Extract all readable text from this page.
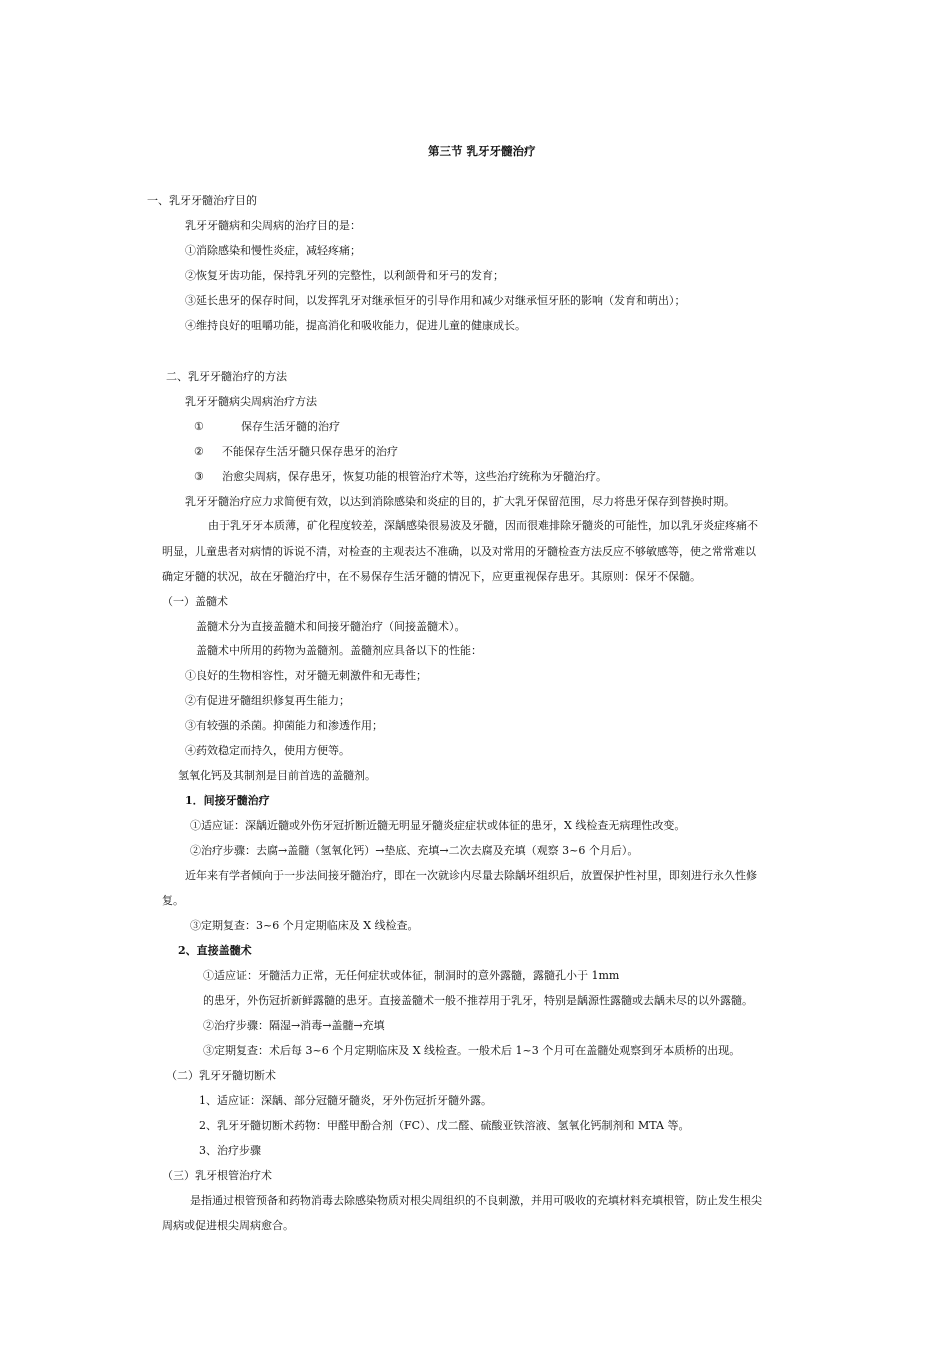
第三节 乳牙牙髓治疗
一、乳牙牙髓治疗目的
乳牙牙髓病和尖周病的治疗目的是：
①消除感染和慢性炎症，减轻疼痛；
②恢复牙齿功能，保持乳牙列的完整性，以利颌骨和牙弓的发育；
③延长患牙的保存时间，以发挥乳牙对继承恒牙的引导作用和减少对继承恒牙胚的影响（发育和萌出）；
④维持良好的咀嚼功能，提高消化和吸收能力，促进儿童的健康成长。
二、乳牙牙髓治疗的方法
乳牙牙髓病尖周病治疗方法
①	保存生活牙髓的治疗
② 不能保存生活牙髓只保存患牙的治疗
③ 治愈尖周病，保存患牙，恢复功能的根管治疗术等，这些治疗统称为牙髓治疗。
乳牙牙髓治疗应力求简便有效，以达到消除感染和炎症的目的，扩大乳牙保留范围，尽力将患牙保存到替换时期。
由于乳牙牙本质薄，矿化程度较差，深龋感染很易波及牙髓，因而很难排除牙髓炎的可能性，加以乳牙炎症疼痛不
明显，儿童患者对病情的诉说不清，对检查的主观表达不准确，以及对常用的牙髓检查方法反应不够敏感等，使之常常难以
确定牙髓的状况，故在牙髓治疗中，在不易保存生活牙髓的情况下，应更重视保存患牙。其原则：保牙不保髓。
（一）盖髓术
盖髓术分为直接盖髓术和间接牙髓治疗（间接盖髓术）。
盖髓术中所用的药物为盖髓剂。盖髓剂应具备以下的性能：
①良好的生物相容性，对牙髓无刺激件和无毒性；
②有促进牙髓组织修复再生能力；
③有较强的杀菌。抑菌能力和渗透作用；
④药效稳定而持久，使用方便等。
氢氧化钙及其制剂是目前首选的盖髓剂。
1．间接牙髓治疗
①适应证：深龋近髓或外伤牙冠折断近髓无明显牙髓炎症症状或体征的患牙，X 线检查无病理性改变。
②治疗步骤：去腐→盖髓（氢氧化钙）→垫底、充填→二次去腐及充填（观察 3~6 个月后）。
近年来有学者倾向于一步法间接牙髓治疗，即在一次就诊内尽量去除龋坏组织后，放置保护性衬里，即刻进行永久性修
复。
③定期复查：3~6 个月定期临床及 X 线检查。
2、直接盖髓术
①适应证：牙髓活力正常，无任何症状或体征，制洞时的意外露髓，露髓孔小于 1mm
的患牙，外伤冠折新鲜露髓的患牙。直接盖髓术一般不推荐用于乳牙，特别是龋源性露髓或去龋未尽的以外露髓。
②治疗步骤：隔湿→消毒→盖髓→充填
③定期复查：术后每 3~6 个月定期临床及 X 线检查。一般术后 1~3 个月可在盖髓处观察到牙本质桥的出现。
（二）乳牙牙髓切断术
1、适应证：深龋、部分冠髓牙髓炎，牙外伤冠折牙髓外露。
2、乳牙牙髓切断术药物：甲醛甲酚合剂（FC）、戊二醛、硫酸亚铁溶液、氢氧化钙制剂和 MTA 等。
3、治疗步骤
（三）乳牙根管治疗术
是指通过根管预备和药物消毒去除感染物质对根尖周组织的不良刺激，并用可吸收的充填材料充填根管，防止发生根尖
周病或促进根尖周病愈合。
